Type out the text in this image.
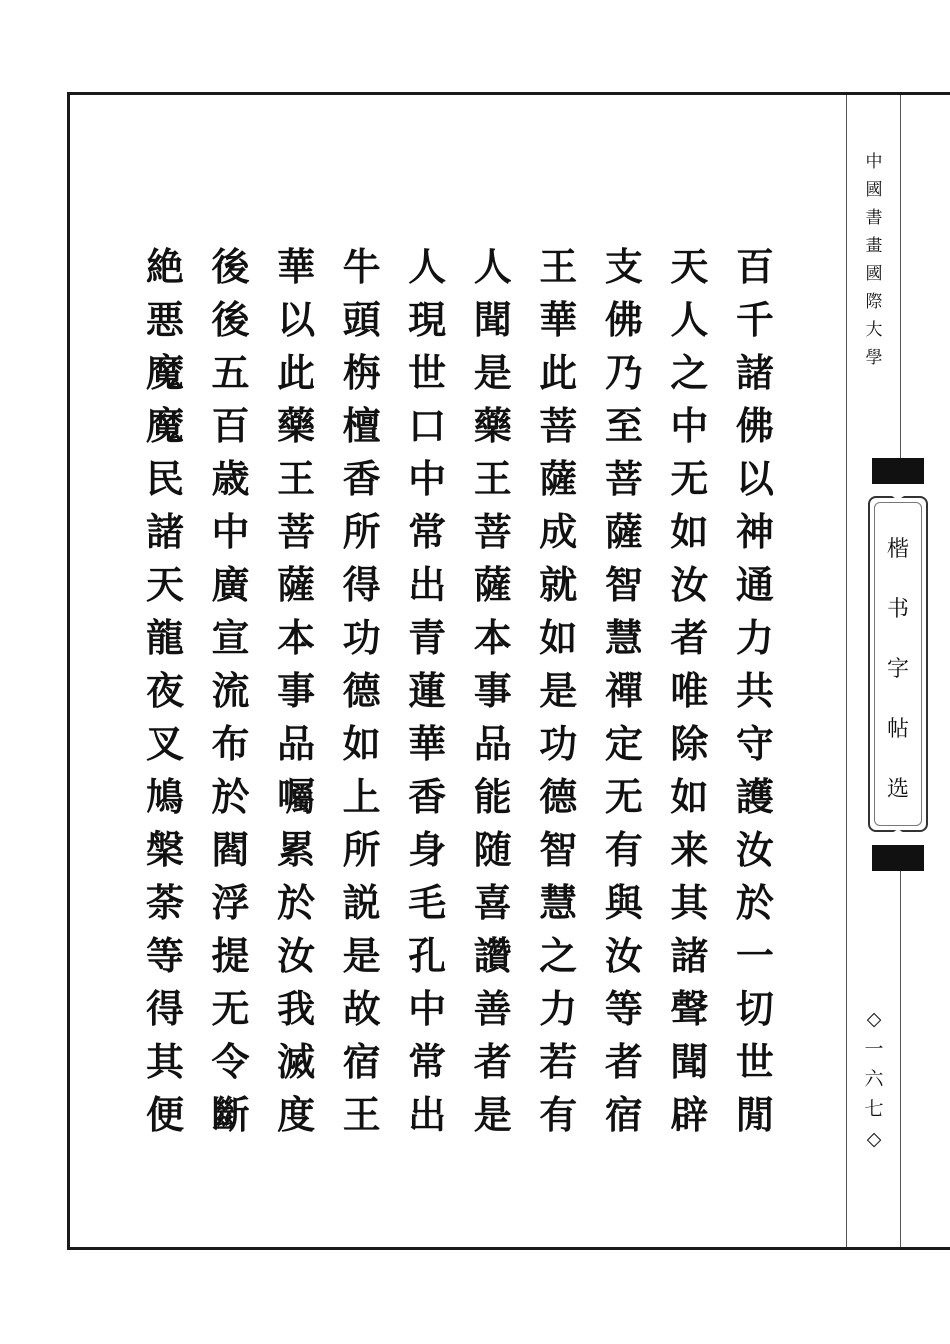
百
千
諸
佛
以
神
通
力
共
守
護
汝
於
一
切
世
閒
天
人
之
中
无
如
汝
者
唯
除
如
来
其
諸
聲
聞
辟
支
佛
乃
至
菩
薩
智
慧
禪
定
无
有
與
汝
等
者
宿
王
華
此
菩
薩
成
就
如
是
功
德
智
慧
之
力
若
有
人
聞
是
藥
王
菩
薩
本
事
品
能
随
喜
讚
善
者
是
人
現
世
口
中
常
出
青
蓮
華
香
身
毛
孔
中
常
出
牛
頭
栴
檀
香
所
得
功
德
如
上
所
説
是
故
宿
王
華
以
此
藥
王
菩
薩
本
事
品
囑
累
於
汝
我
滅
度
後
後
五
百
歳
中
廣
宣
流
布
於
閻
浮
提
无
令
斷
絶
悪
魔
魔
民
諸
天
龍
夜
叉
鳩
槃
荼
等
得
其
便
中
國
書
畫
國
際
大
學
楷
书
字
帖
选
◇
一
六
七
◇
